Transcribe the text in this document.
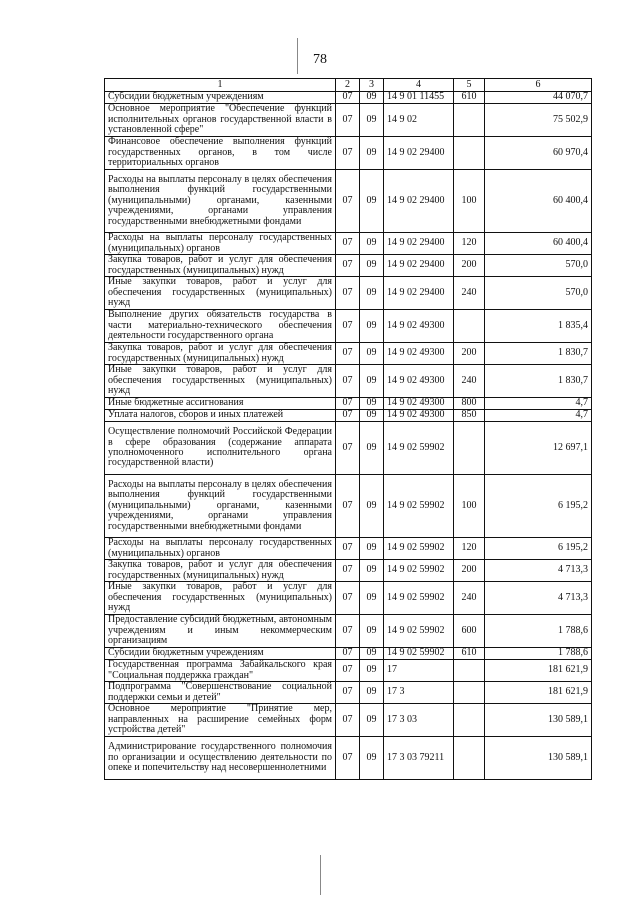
78
1	2	3	4	5	6
Субсидии бюджетным учреждениям	07	09	14 9 01 11455	610	44 070,7
Основное мероприятие "Обеспечение функций исполнительных органов государственной власти в установленной сфере"	07	09	14 9 02		75 502,9
Финансовое обеспечение выполнения функций государственных органов, в том числе территориальных органов	07	09	14 9 02 29400		60 970,4
Расходы на выплаты персоналу в целях обеспечения выполнения функций государственными (муниципальными) органами, казенными учреждениями, органами управления государственными внебюджетными фондами	07	09	14 9 02 29400	100	60 400,4
Расходы на выплаты персоналу государственных (муниципальных) органов	07	09	14 9 02 29400	120	60 400,4
Закупка товаров, работ и услуг для обеспечения государственных (муниципальных) нужд	07	09	14 9 02 29400	200	570,0
Иные закупки товаров, работ и услуг для обеспечения государственных (муниципальных) нужд	07	09	14 9 02 29400	240	570,0
Выполнение других обязательств государства в части материально-технического обеспечения деятельности государственного органа	07	09	14 9 02 49300		1 835,4
Закупка товаров, работ и услуг для обеспечения государственных (муниципальных) нужд	07	09	14 9 02 49300	200	1 830,7
Иные закупки товаров, работ и услуг для обеспечения государственных (муниципальных) нужд	07	09	14 9 02 49300	240	1 830,7
Иные бюджетные ассигнования	07	09	14 9 02 49300	800	4,7
Уплата налогов, сборов и иных платежей	07	09	14 9 02 49300	850	4,7
Осуществление полномочий Российской Федерации в сфере образования (содержание аппарата уполномоченного исполнительного органа государственной власти)	07	09	14 9 02 59902		12 697,1
Расходы на выплаты персоналу в целях обеспечения выполнения функций государственными (муниципальными) органами, казенными учреждениями, органами управления государственными внебюджетными фондами	07	09	14 9 02 59902	100	6 195,2
Расходы на выплаты персоналу государственных (муниципальных) органов	07	09	14 9 02 59902	120	6 195,2
Закупка товаров, работ и услуг для обеспечения государственных (муниципальных) нужд	07	09	14 9 02 59902	200	4 713,3
Иные закупки товаров, работ и услуг для обеспечения государственных (муниципальных) нужд	07	09	14 9 02 59902	240	4 713,3
Предоставление субсидий бюджетным, автономным учреждениям и иным некоммерческим организациям	07	09	14 9 02 59902	600	1 788,6
Субсидии бюджетным учреждениям	07	09	14 9 02 59902	610	1 788,6
Государственная программа Забайкальского края "Социальная поддержка граждан"	07	09	17		181 621,9
Подпрограмма "Совершенствование социальной поддержки семьи и детей"	07	09	17 3		181 621,9
Основное мероприятие "Принятие мер, направленных на расширение семейных форм устройства детей"	07	09	17 3 03		130 589,1
Администрирование государственного полномочия по организации и осуществлению деятельности по опеке и попечительству над несовершеннолетними	07	09	17 3 03 79211		130 589,1
